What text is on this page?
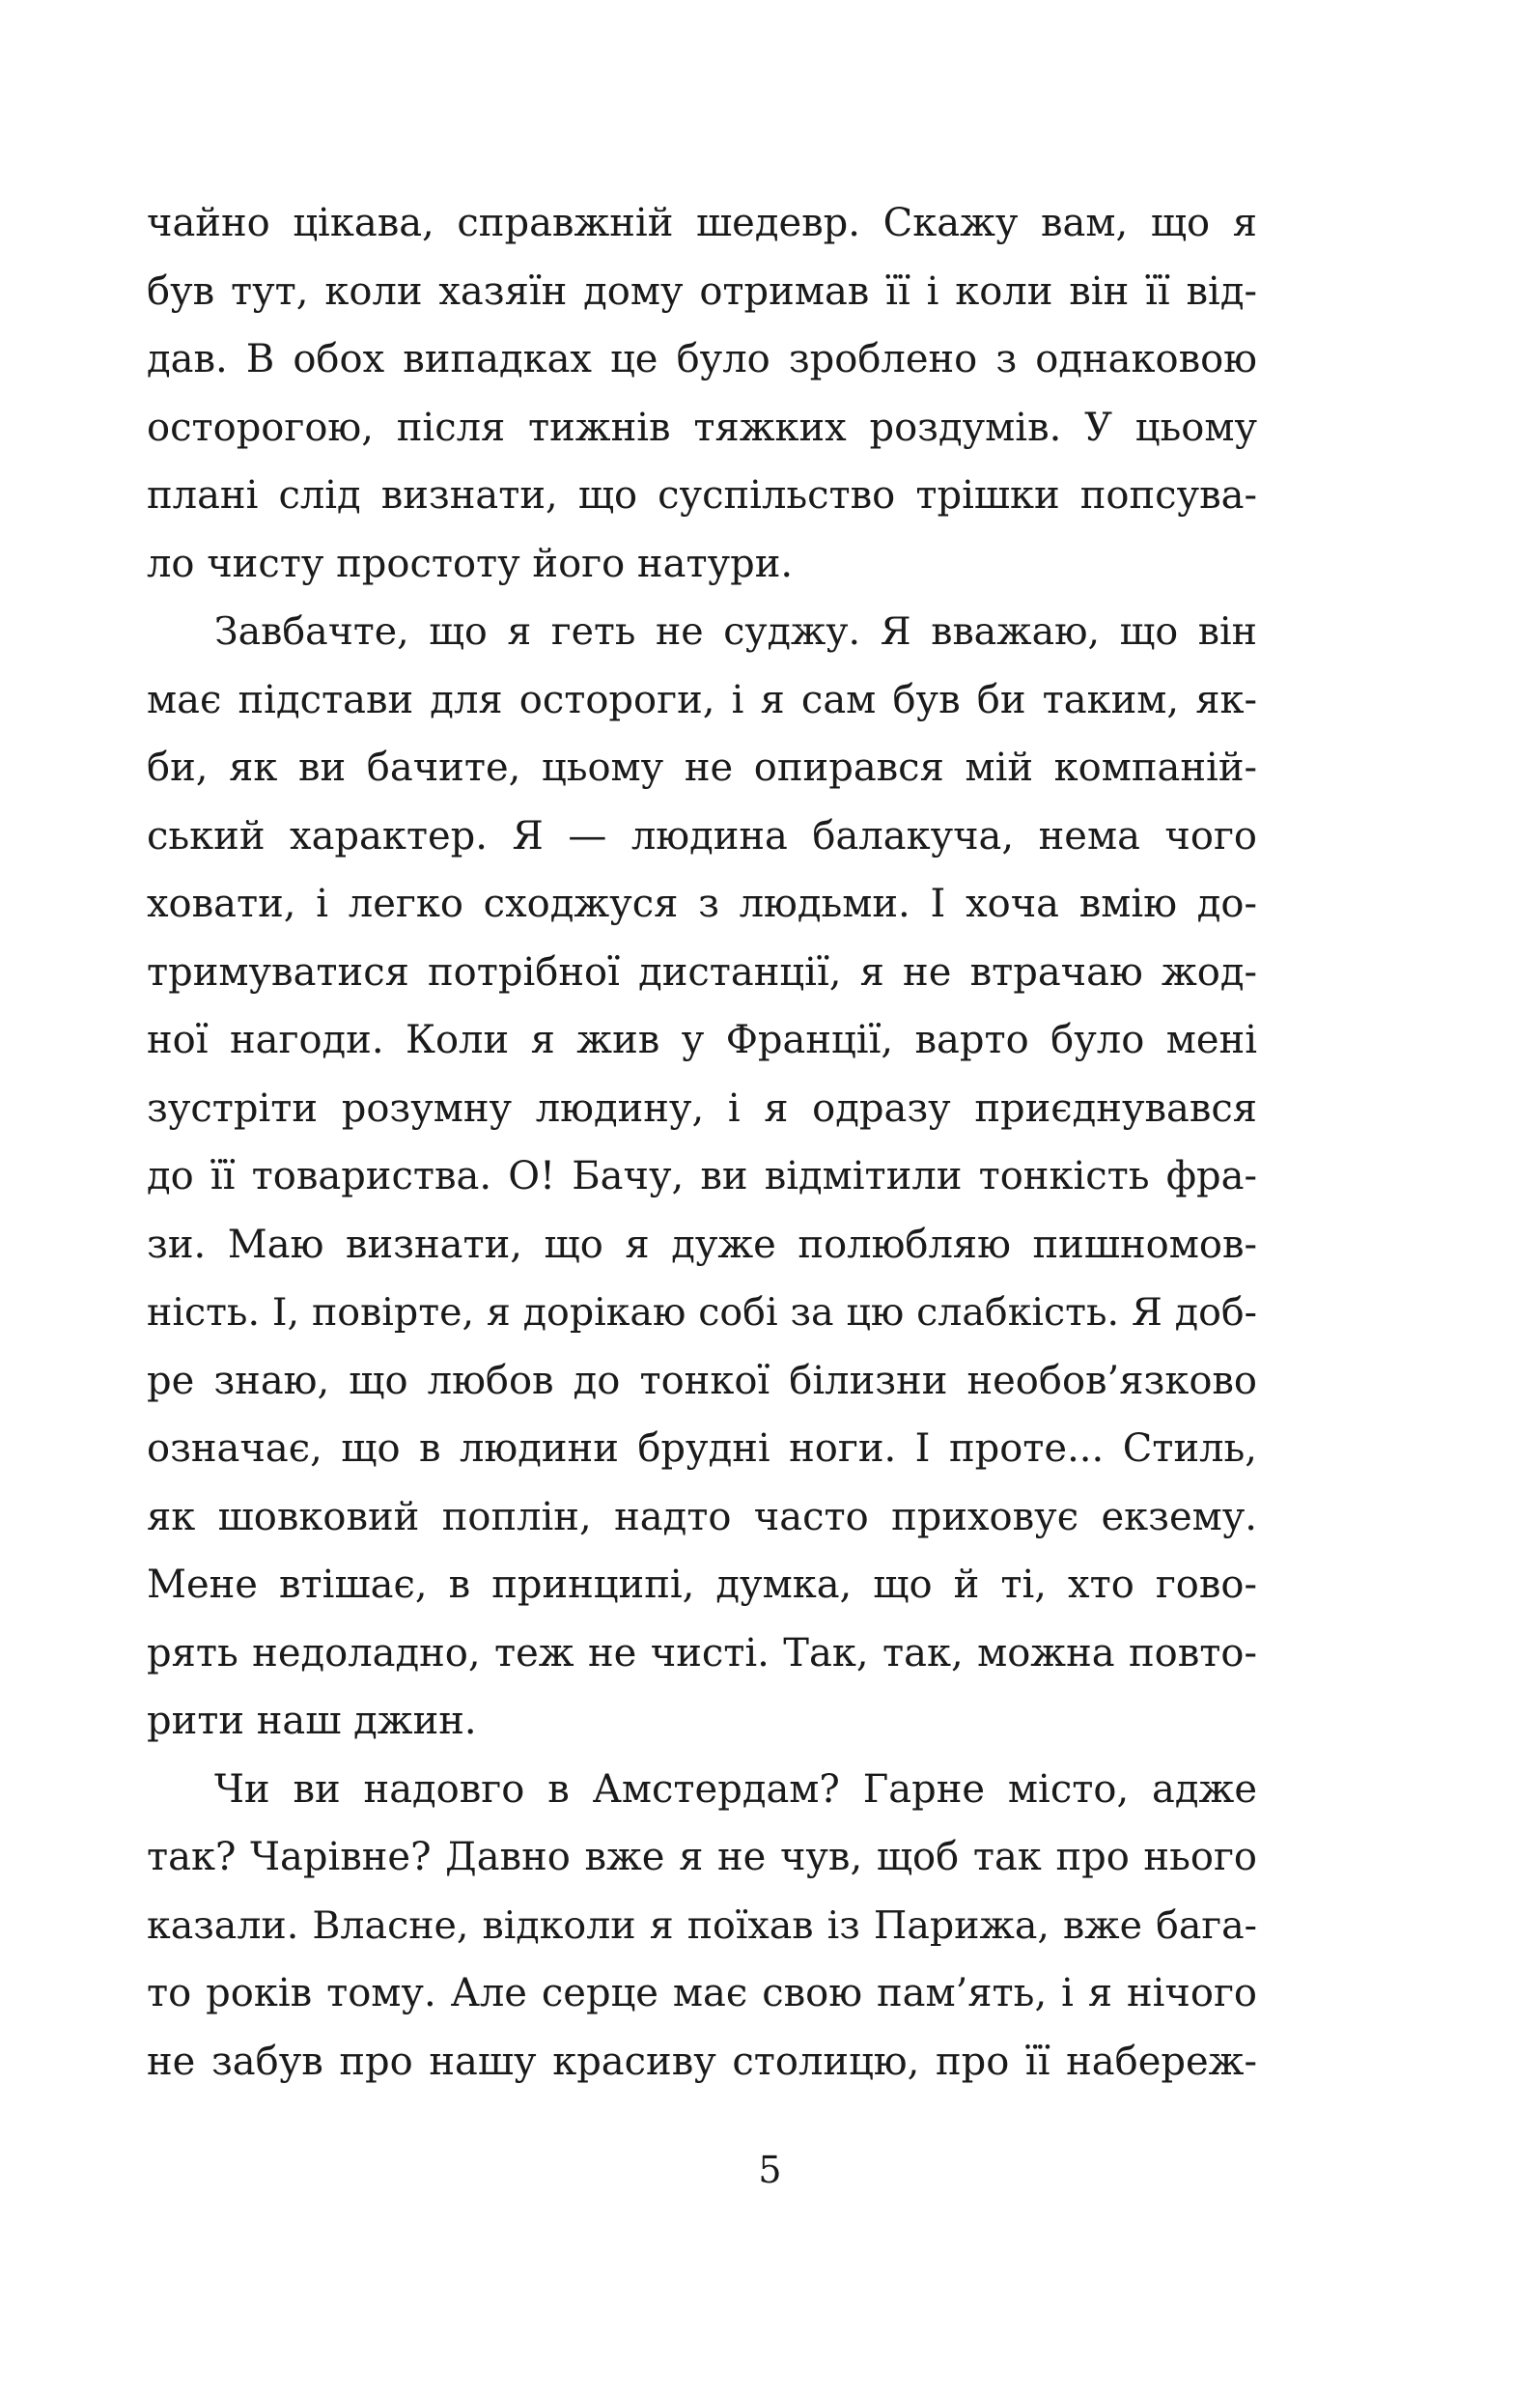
чайно цікава, справжній шедевр. Скажу вам, що я
був тут, коли хазяїн дому отримав її і коли він її від-
дав. В обох випадках це було зроблено з однаковою
осторогою, після тижнів тяжких роздумів. У цьому
плані слід визнати, що суспільство трішки попсува-
ло чисту простоту його натури.
Завбачте, що я геть не суджу. Я вважаю, що він
має підстави для остороги, і я сам був би таким, як-
би, як ви бачите, цьому не опирався мій компаній-
ський характер. Я — людина балакуча, нема чого
ховати, і легко сходжуся з людьми. І хоча вмію до-
тримуватися потрібної дистанції, я не втрачаю жод-
ної нагоди. Коли я жив у Франції, варто було мені
зустріти розумну людину, і я одразу приєднувався
до її товариства. О! Бачу, ви відмітили тонкість фра-
зи. Маю визнати, що я дуже полюбляю пишномов-
ність. І, повірте, я дорікаю собі за цю слабкість. Я доб-
ре знаю, що любов до тонкої білизни необов’язково
означає, що в людини брудні ноги. І проте... Стиль,
як шовковий поплін, надто часто приховує екзему.
Мене втішає, в принципі, думка, що й ті, хто гово-
рять недоладно, теж не чисті. Так, так, можна повто-
рити наш джин.
Чи ви надовго в Амстердам? Гарне місто, адже
так? Чарівне? Давно вже я не чув, щоб так про нього
казали. Власне, відколи я поїхав із Парижа, вже бага-
то років тому. Але серце має свою пам’ять, і я нічого
не забув про нашу красиву столицю, про її набереж-
5
